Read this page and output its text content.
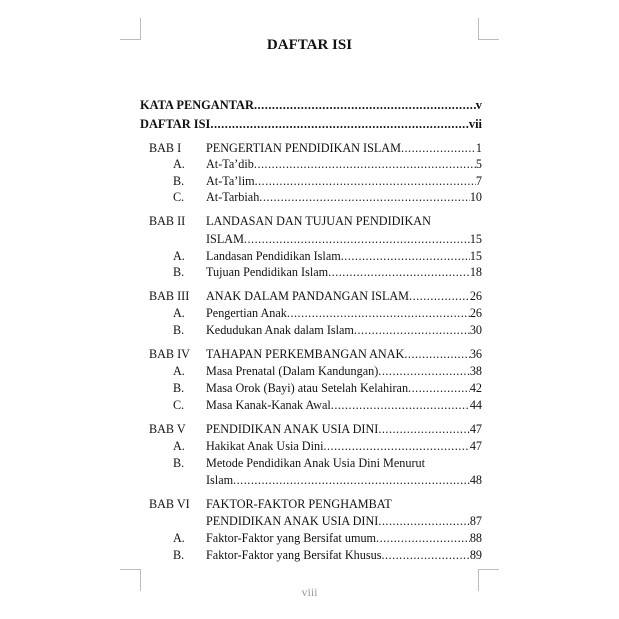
DAFTAR ISI
KATA PENGANTAR .....	v
DAFTAR ISI .....	vii
BAB I PENGERTIAN PENDIDIKAN ISLAM .....	1
A. At-Ta’dib .....	5
B. At-Ta’lim .....	7
C. At-Tarbiah .....	10
BAB II LANDASAN DAN TUJUAN PENDIDIKAN
ISLAM .....	15
A. Landasan Pendidikan Islam .....	15
B. Tujuan Pendidikan Islam .....	18
BAB III ANAK DALAM PANDANGAN ISLAM .....	26
A. Pengertian Anak .....	26
B. Kedudukan Anak dalam Islam .....	30
BAB IV TAHAPAN PERKEMBANGAN ANAK .....	36
A. Masa Prenatal (Dalam Kandungan) .....	38
B. Masa Orok (Bayi) atau Setelah Kelahiran .....	42
C. Masa Kanak-Kanak Awal .....	44
BAB V PENDIDIKAN ANAK USIA DINI .....	47
A. Hakikat Anak Usia Dini .....	47
B. Metode Pendidikan Anak Usia Dini Menurut
Islam .....	48
BAB VI FAKTOR-FAKTOR PENGHAMBAT
PENDIDIKAN ANAK USIA DINI .....	87
A. Faktor-Faktor yang Bersifat umum .....	88
B. Faktor-Faktor yang Bersifat Khusus .....	89
viii
